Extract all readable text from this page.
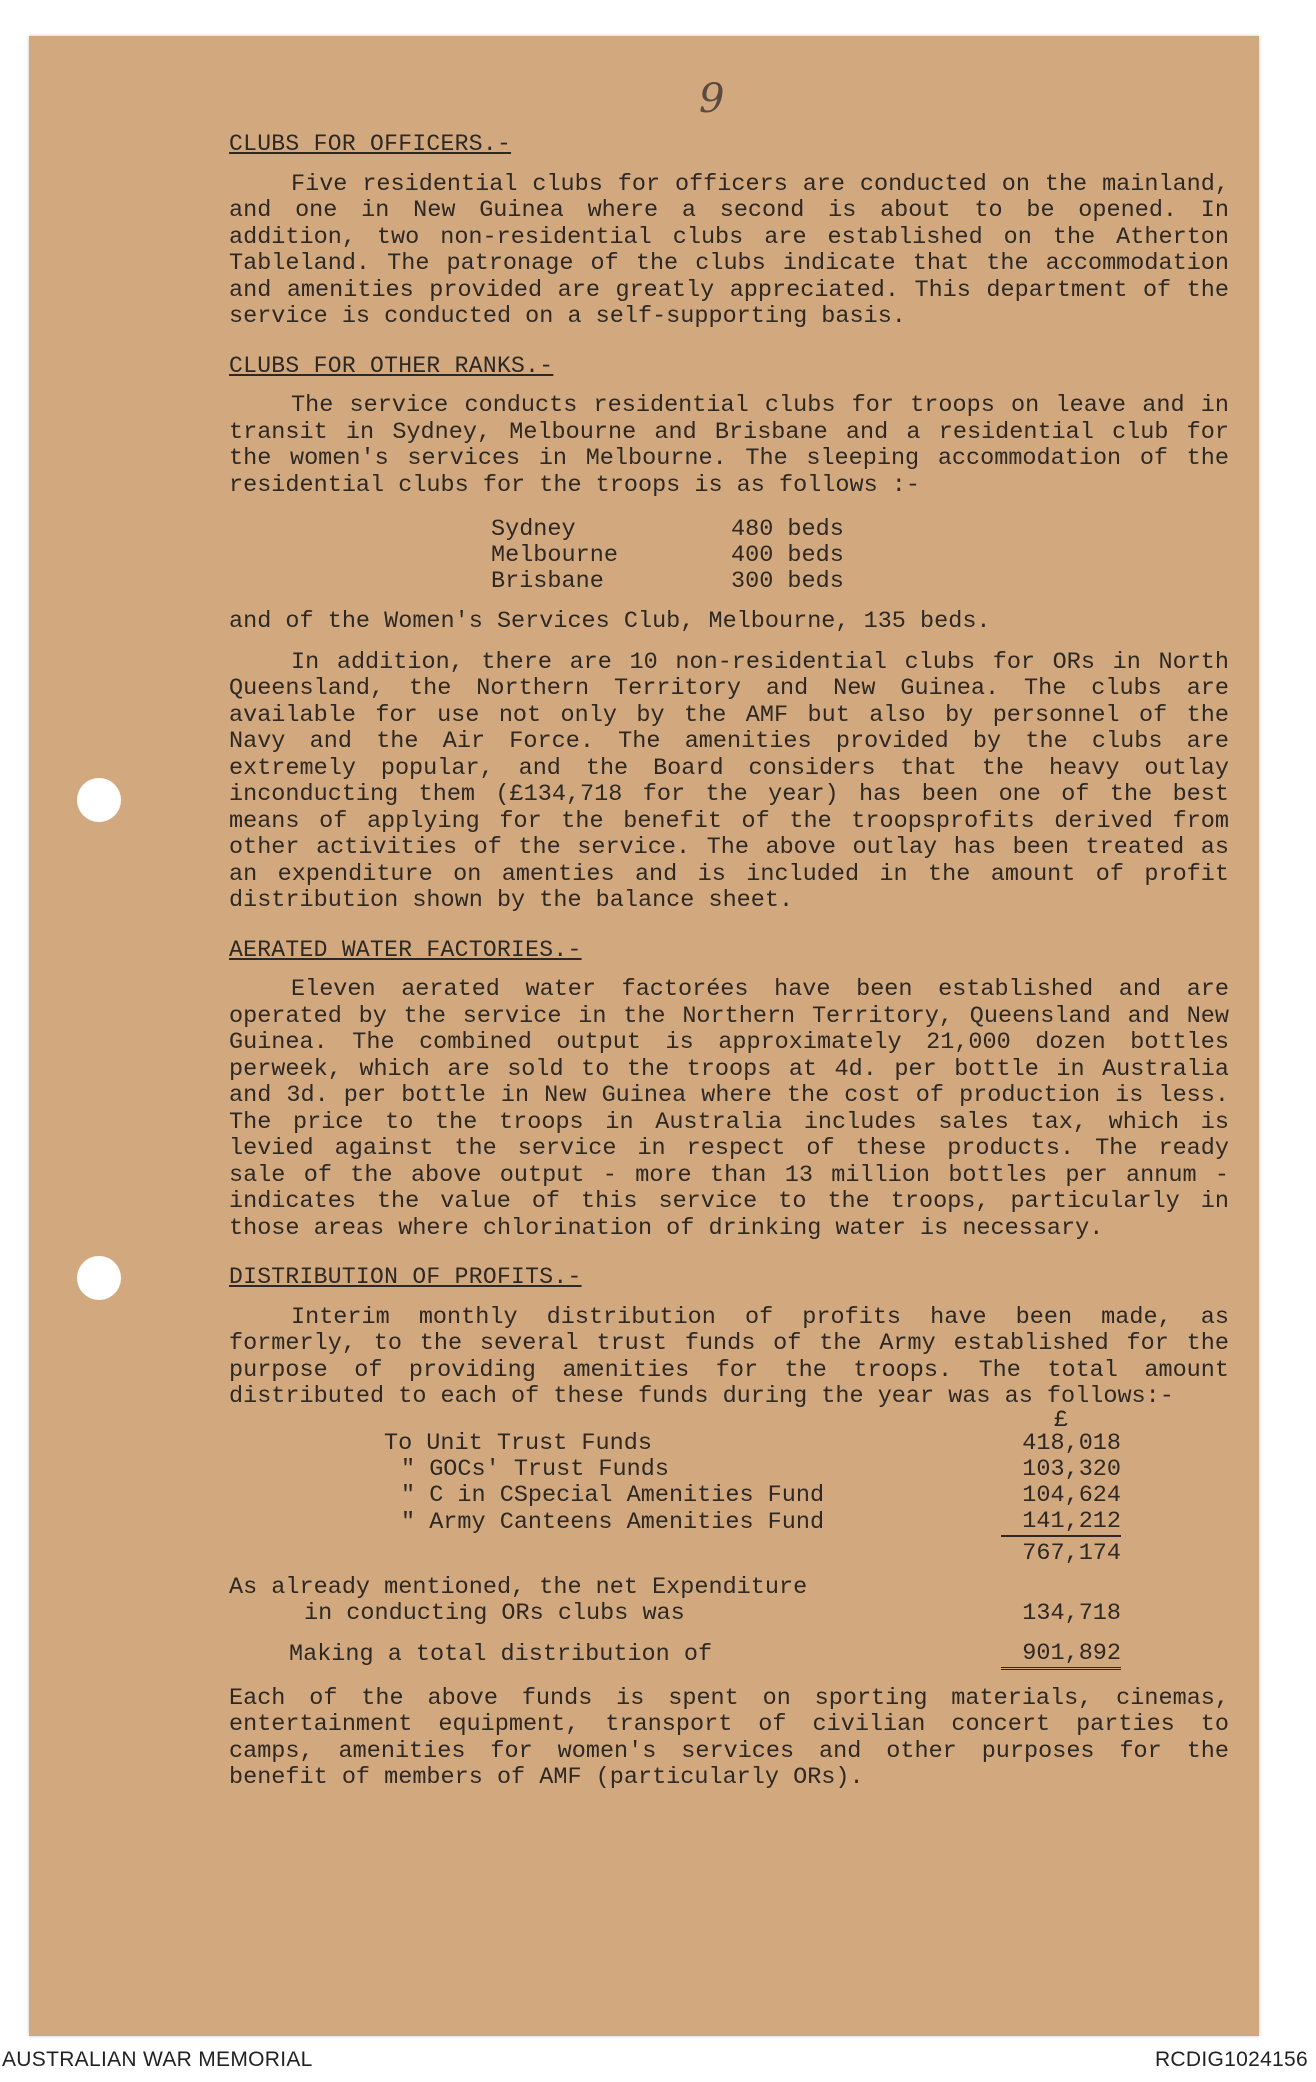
9
CLUBS FOR OFFICERS.-

Five residential clubs for officers are conducted on the mainland, and one in New Guinea where a second is about to be opened. In addition, two non-residential clubs are established on the Atherton Tableland. The patronage of the clubs indicate that the accommodation and amenities provided are greatly appreciated. This department of the service is conducted on a self-supporting basis.

CLUBS FOR OTHER RANKS.-

The service conducts residential clubs for troops on leave and in transit in Sydney, Melbourne and Brisbane and a residential club for the women's services in Melbourne. The sleeping accommodation of the residential clubs for the troops is as follows :-

Sydney	480 beds
Melbourne	400 beds
Brisbane	300 beds

and of the Women's Services Club, Melbourne, 135 beds.

In addition, there are 10 non-residential clubs for ORs in North Queensland, the Northern Territory and New Guinea. The clubs are available for use not only by the AMF but also by personnel of the Navy and the Air Force. The amenities provided by the clubs are extremely popular, and the Board considers that the heavy outlay inconducting them (£134,718 for the year) has been one of the best means of applying for the benefit of the troopsprofits derived from other activities of the service. The above outlay has been treated as an expenditure on amenties and is included in the amount of profit distribution shown by the balance sheet.

AERATED WATER FACTORIES.-

Eleven aerated water factorées have been established and are operated by the service in the Northern Territory, Queensland and New Guinea. The combined output is approximately 21,000 dozen bottles perweek, which are sold to the troops at 4d. per bottle in Australia and 3d. per bottle in New Guinea where the cost of production is less. The price to the troops in Australia includes sales tax, which is levied against the service in respect of these products. The ready sale of the above output - more than 13 million bottles per annum - indicates the value of this service to the troops, particularly in those areas where chlorination of drinking water is necessary.

DISTRIBUTION OF PROFITS.-

Interim monthly distribution of profits have been made, as formerly, to the several trust funds of the Army established for the purpose of providing amenities for the troops. The total amount distributed to each of these funds during the year was as follows:-

	£
To Unit Trust Funds	418,018
" GOCs' Trust Funds	103,320
" C in CSpecial Amenities Fund	104,624
" Army Canteens Amenities Fund	141,212
	767,174

As already mentioned, the net Expenditure
in conducting ORs clubs was	134,718
Making a total distribution of	901,892

Each of the above funds is spent on sporting materials, cinemas, entertainment equipment, transport of civilian concert parties to camps, amenities for women's services and other purposes for the benefit of members of AMF (particularly ORs).

AUSTRALIAN WAR MEMORIAL	RCDIG1024156
